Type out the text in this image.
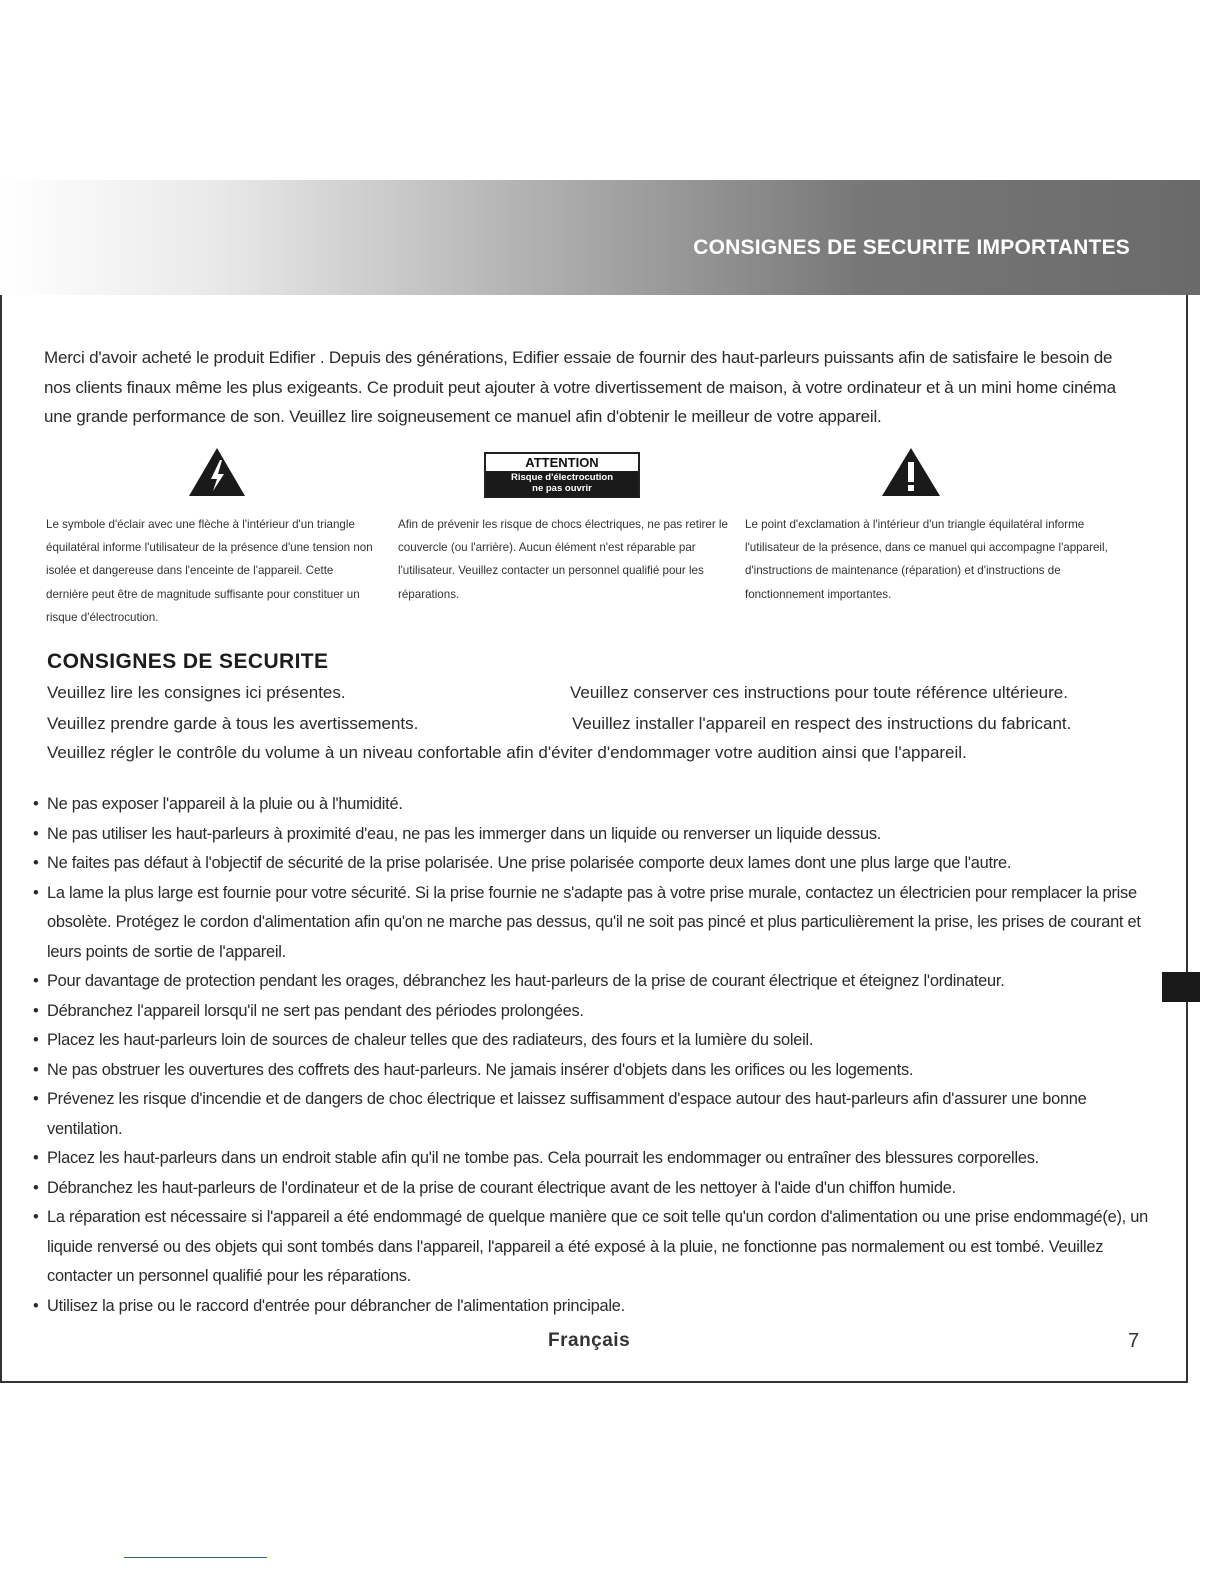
CONSIGNES DE SECURITE IMPORTANTES
Merci d'avoir acheté le produit Edifier . Depuis des générations, Edifier essaie de fournir des haut-parleurs puissants afin de satisfaire le besoin de nos clients finaux même les plus exigeants. Ce produit peut ajouter à votre divertissement de maison, à votre ordinateur et à un mini home cinéma une grande performance de son. Veuillez lire soigneusement ce manuel afin d'obtenir le meilleur de votre appareil.
ATTENTION
Risque d'électrocution
ne pas ouvrir
Le symbole d'éclair avec une flèche à l'intérieur d'un triangle équilatéral informe l'utilisateur de la présence d'une tension non isolée et dangereuse dans l'enceinte de l'appareil. Cette dernière peut être de magnitude suffisante pour constituer un risque d'électrocution.
Afin de prévenir les risque de chocs électriques, ne pas retirer le couvercle (ou l'arrière). Aucun élément n'est réparable par l'utilisateur. Veuillez contacter un personnel qualifié pour les réparations.
Le point d'exclamation à l'intérieur d'un triangle équilatéral informe l'utilisateur de la présence, dans ce manuel qui accompagne l'appareil, d'instructions de maintenance (réparation) et d'instructions de fonctionnement importantes.
CONSIGNES DE SECURITE
Veuillez lire les consignes ici présentes.	Veuillez conserver ces instructions pour toute référence ultérieure.
Veuillez prendre garde à tous les avertissements.	Veuillez installer l'appareil en respect des instructions du fabricant.
Veuillez régler le contrôle du volume à un niveau confortable afin d'éviter d'endommager votre audition ainsi que l'appareil.
• Ne pas exposer l'appareil à la pluie ou à l'humidité.
• Ne pas utiliser les haut-parleurs à proximité d'eau, ne pas les immerger dans un liquide ou renverser un liquide dessus.
• Ne faites pas défaut à l'objectif de sécurité de la prise polarisée. Une prise polarisée comporte deux lames dont une plus large que l'autre.
• La lame la plus large est fournie pour votre sécurité. Si la prise fournie ne s'adapte pas à votre prise murale, contactez un électricien pour remplacer la prise obsolète. Protégez le cordon d'alimentation afin qu'on ne marche pas dessus, qu'il ne soit pas pincé et plus particulièrement la prise, les prises de courant et leurs points de sortie de l'appareil.
• Pour davantage de protection pendant les orages, débranchez les haut-parleurs de la prise de courant électrique et éteignez l'ordinateur.
• Débranchez l'appareil lorsqu'il ne sert pas pendant des périodes prolongées.
• Placez les haut-parleurs loin de sources de chaleur telles que des radiateurs, des fours et la lumière du soleil.
• Ne pas obstruer les ouvertures des coffrets des haut-parleurs. Ne jamais insérer d'objets dans les orifices ou les logements.
• Prévenez les risque d'incendie et de dangers de choc électrique et laissez suffisamment d'espace autour des haut-parleurs afin d'assurer une bonne ventilation.
• Placez les haut-parleurs dans un endroit stable afin qu'il ne tombe pas. Cela pourrait les endommager ou entraîner des blessures corporelles.
• Débranchez les haut-parleurs de l'ordinateur et de la prise de courant électrique avant de les nettoyer à l'aide d'un chiffon humide.
• La réparation est nécessaire si l'appareil a été endommagé de quelque manière que ce soit telle qu'un cordon d'alimentation ou une prise endommagé(e), un liquide renversé ou des objets qui sont tombés dans l'appareil, l'appareil a été exposé à la pluie, ne fonctionne pas normalement ou est tombé. Veuillez contacter un personnel qualifié pour les réparations.
• Utilisez la prise ou le raccord d'entrée pour débrancher de l'alimentation principale.
Français	7
